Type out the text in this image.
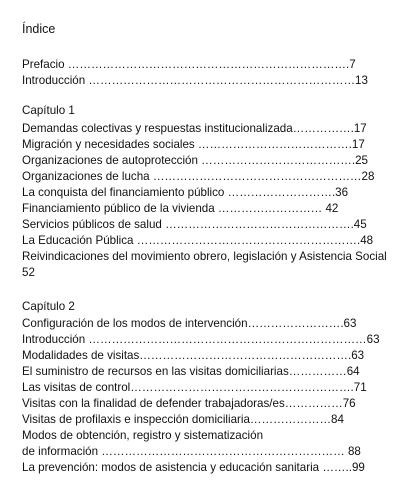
Índice
Prefacio ……………………………………………………………….7
Introducción ……………………………………………………………13
Capítulo 1
Demandas colectivas y respuestas institucionalizada…………….17
Migración y necesidades sociales ………………………………….17
Organizaciones de autoprotección ………………………………….25
Organizaciones de lucha ………………………………………………28
La conquista del financiamiento público ……………………….36
Financiamiento público de la vivienda ……………………… 42
Servicios públicos de salud ………………………………………….45
La Educación Pública ………………………………………………….48
Reivindicaciones del movimiento obrero, legislación y Asistencia Social 52
Capítulo 2
Configuración de los modos de intervención…………………….63
Introducción ………………………………………………………………63
Modalidades de visitas……………………………………………….63
El suministro de recursos en las visitas domiciliarias……………64
Las visitas de control………………………………………………….71
Visitas con la finalidad de defender trabajadoras/es……………76
Visitas de profilaxis e inspección domiciliaria…………………84
Modos de obtención, registro y sistematización
de información ……………………………………………………… 88
La prevención: modos de asistencia y educación sanitaria ……..99
